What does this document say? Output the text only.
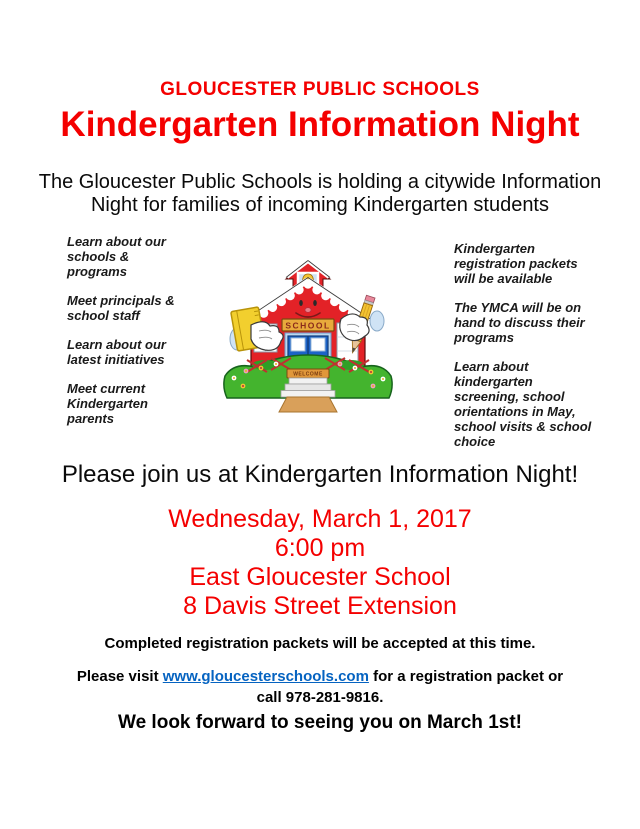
GLOUCESTER PUBLIC SCHOOLS
Kindergarten Information Night
The Gloucester Public Schools is holding a citywide Information
Night for families of incoming Kindergarten students

Learn about our schools & programs

Meet principals & school staff

Learn about our latest initiatives

Meet current Kindergarten parents

Kindergarten registration packets will be available

The YMCA will be on hand to discuss their programs

Learn about kindergarten screening, school orientations in May, school visits & school choice

SCHOOL
WELCOME
Please join us at Kindergarten Information Night!
Wednesday, March 1, 2017
6:00 pm
East Gloucester School
8 Davis Street Extension
Completed registration packets will be accepted at this time.
Please visit www.gloucesterschools.com for a registration packet or
call 978-281-9816.
We look forward to seeing you on March 1st!
